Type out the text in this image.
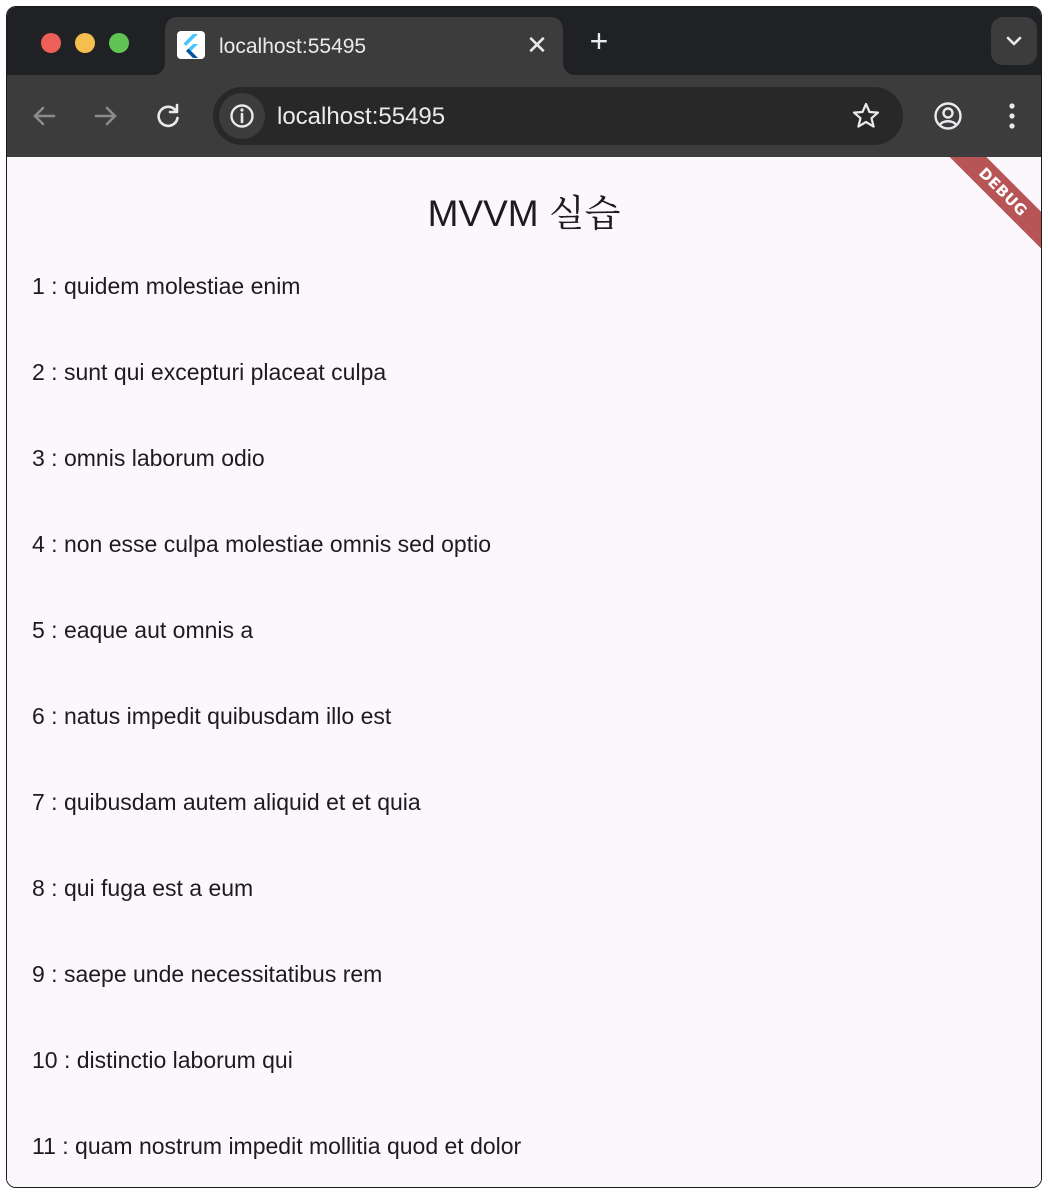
localhost:55495	✕ +
localhost:55495
MVVM 실습	DEBUG
1 : quidem molestiae enim
2 : sunt qui excepturi placeat culpa
3 : omnis laborum odio
4 : non esse culpa molestiae omnis sed optio
5 : eaque aut omnis a
6 : natus impedit quibusdam illo est
7 : quibusdam autem aliquid et et quia
8 : qui fuga est a eum
9 : saepe unde necessitatibus rem
10 : distinctio laborum qui
11 : quam nostrum impedit mollitia quod et dolor
